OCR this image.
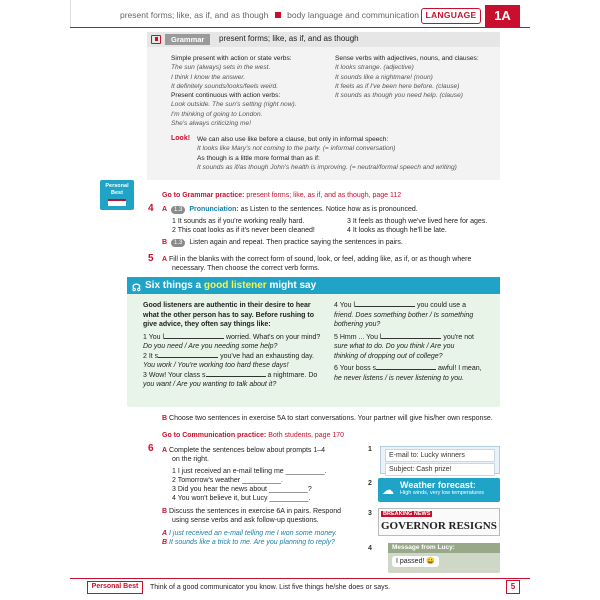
present forms; like, as if, and as though body language and communication LANGUAGE	1A
Grammar	present forms; like, as if, and as though
Simple present with action or state verbs:
The sun (always) sets in the west.
I think I know the answer.
It definitely sounds/looks/feels weird.
Present continuous with action verbs:
Look outside. The sun's setting (right now).
I'm thinking of going to London.
She's always criticizing me!
Sense verbs with adjectives, nouns, and clauses:
It looks strange. (adjective)
It sounds like a nightmare! (noun)
It feels as if I've been here before. (clause)
It sounds as though you need help. (clause)
Look! We can also use like before a clause, but only in informal speech:
It looks like Mary's not coming to the party. (= informal conversation)
As though is a little more formal than as if:
It sounds as if/as though John's health is improving. (= neutral/formal speech and writing)
Personal
Best	Go to Grammar practice: present forms; like, as if, and as though, page 112
4 A 1.3 Pronunciation: as Listen to the sentences. Notice how as is pronounced.
1 It sounds as if you're working really hard.
2 This coat looks as if it's never been cleaned!
3 It feels as though we've lived here for ages.
4 It looks as though he'll be late.
B 1.3 Listen again and repeat. Then practice saying the sentences in pairs.
5 A Fill in the blanks with the correct form of sound, look, or feel, adding like, as if, or as though where
necessary. Then choose the correct verb forms.
☊ Six things a good listener might say
Good listeners are authentic in their desire to hear
what the other person has to say. Before rushing to
give advice, they often say things like:
1 You l	worried. What's on your mind?
Do you need / Are you needing some help?
2 It s	you've had an exhausting day.
You work / You're working too hard these days!
3 Wow! Your class s	a nightmare. Do
you want / Are you wanting to talk about it?
4 You l	you could use a
friend. Does something bother / Is something
bothering you?
5 Hmm ... You l	you're not
sure what to do. Do you think / Are you
thinking of dropping out of college?
6 Your boss s	awful! I mean,
he never listens / is never listening to you.
B Choose two sentences in exercise 5A to start conversations. Your partner will give his/her own response.
Go to Communication practice: Both students, page 170
6 A Complete the sentences below about prompts 1–4
on the right.
1 I just received an e-mail telling me __________.
2 Tomorrow's weather __________.
3 Did you hear the news about __________?
4 You won't believe it, but Lucy __________.
B Discuss the sentences in exercise 6A in pairs. Respond
using sense verbs and ask follow-up questions.
A I just received an e-mail telling me I won some money.
B It sounds like a trick to me. Are you planning to reply?
1
E-mail to: Lucky winners
Subject: Cash prize!
2 ☁ Weather forecast:
High winds, very low temperatures
3	BREAKING NEWS
GOVERNOR RESIGNS
4	Message from Lucy:
I passed! 😀
Personal Best	Think of a good communicator you know. List five things he/she does or says.	5
